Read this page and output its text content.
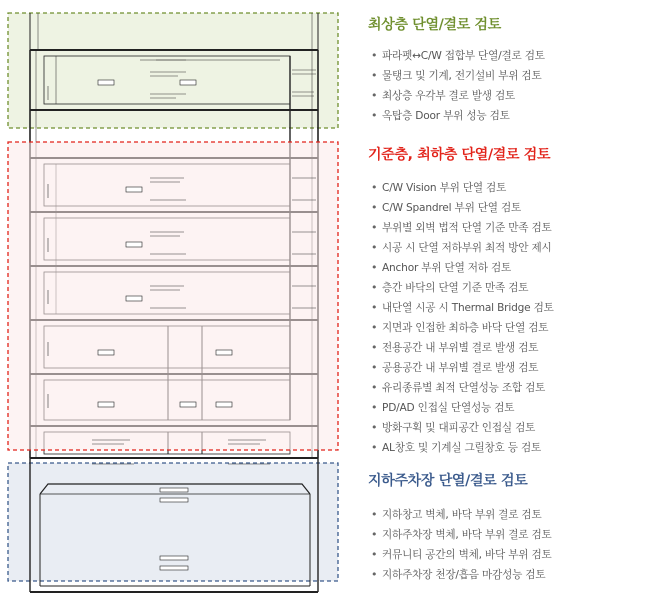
최상층 단열/결로 검토
• 파라펫↔C/W 접합부 단열/결로 검토
• 물탱크 및 기계, 전기설비 부위 검토
• 최상층 우각부 결로 발생 검토
• 옥탑층 Door 부위 성능 검토
기준층, 최하층 단열/결로 검토
• C/W Vision 부위 단열 검토
• C/W Spandrel 부위 단열 검토
• 부위별 외벽 법적 단열 기준 만족 검토
• 시공 시 단열 저하부위 최적 방안 제시
• Anchor 부위 단열 저하 검토
• 층간 바닥의 단열 기준 만족 검토
• 내단열 시공 시 Thermal Bridge 검토
• 지면과 인접한 최하층 바닥 단열 검토
• 전용공간 내 부위별 결로 발생 검토
• 공용공간 내 부위별 결로 발생 검토
• 유리종류별 최적 단열성능 조합 검토
• PD/AD 인접실 단열성능 검토
• 방화구획 및 대피공간 인접실 검토
• AL창호 및 기계실 그릴창호 등 검토
지하주차장 단열/결로 검토
• 지하창고 벽체, 바닥 부위 결로 검토
• 지하주차장 벽체, 바닥 부위 결로 검토
• 커뮤니티 공간의 벽체, 바닥 부위 검토
• 지하주차장 천장/흡음 마감성능 검토
